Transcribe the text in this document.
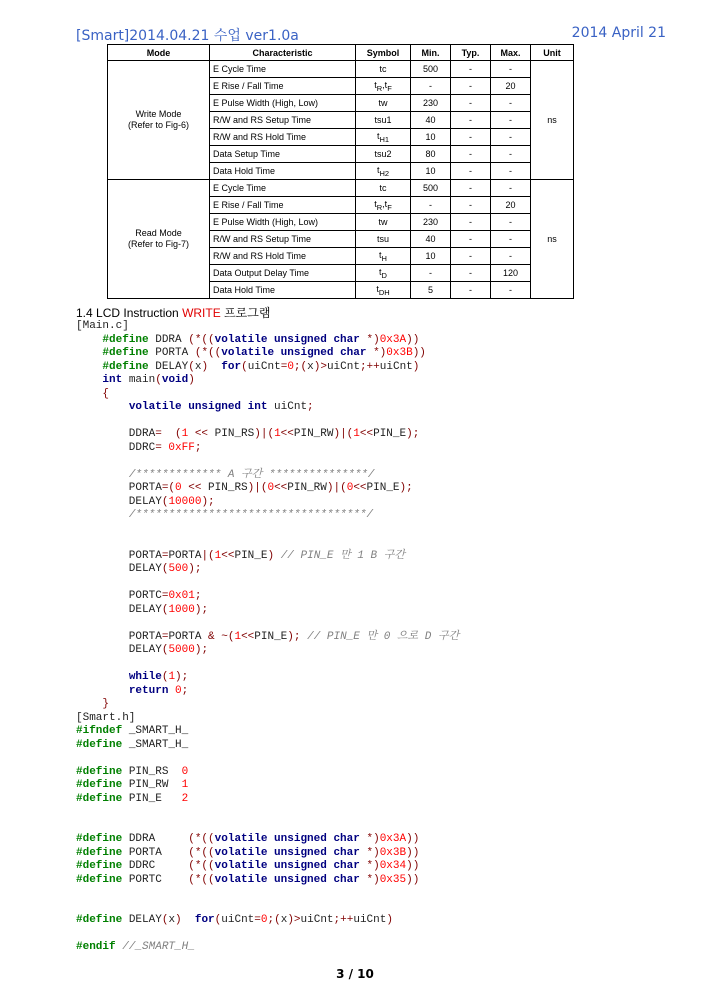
[Smart]2014.04.21 수업 ver1.0a	2014 April 21
Mode	Characteristic	Symbol	Min.	Typ.	Max.	Unit
Write Mode
(Refer to Fig-6)	E Cycle Time	tc	500	-	-	ns
	E Rise / Fall Time	$t_R,t_F$	-	-	20	
	E Pulse Width (High, Low)	tw	230	-	-	
	R/W and RS Setup Time	tsu1	40	-	-	
	R/W and RS Hold Time	$t_{H1}$	10	-	-	
	Data Setup Time	tsu2	80	-	-	
	Data Hold Time	$t_{H2}$	10	-	-	
Read Mode
(Refer to Fig-7)	E Cycle Time	tc	500	-	-	ns
	E Rise / Fall Time	$t_R,t_F$	-	-	20	
	E Pulse Width (High, Low)	tw	230	-	-	
	R/W and RS Setup Time	tsu	40	-	-	
	R/W and RS Hold Time	$t_H$	10	-	-	
	Data Output Delay Time	$t_D$	-	-	120	
	Data Hold Time	$t_{DH}$	5	-	-	
1.4 LCD Instruction WRITE 프로그램
[Main.c]
#define DDRA (*((volatile unsigned char *)0x3A))
#define PORTA (*((volatile unsigned char *)0x3B))
#define DELAY(x) for(uiCnt=0;(x)>uiCnt;++uiCnt)
int main(void)
{
volatile unsigned int uiCnt;
DDRA=  (1 << PIN_RS)|(1<<PIN_RW)|(1<<PIN_E);
DDRC= 0xFF;
/************* A 구간 ***************/
PORTA=(0 << PIN_RS)|(0<<PIN_RW)|(0<<PIN_E);
DELAY(10000);
/***********************************/
PORTA=PORTA|(1<<PIN_E) // PIN_E 만 1 B 구간
DELAY(500);
PORTC=0x01;
DELAY(1000);
PORTA=PORTA & ~(1<<PIN_E); // PIN_E 만 0 으로 D 구간
DELAY(5000);
while(1);
return 0;
}
[Smart.h]
#ifndef _SMART_H_
#define _SMART_H_
#define PIN_RS  0
#define PIN_RW  1
#define PIN_E   2
#define DDRA     (*((volatile unsigned char *)0x3A))
#define PORTA    (*((volatile unsigned char *)0x3B))
#define DDRC     (*((volatile unsigned char *)0x34))
#define PORTC    (*((volatile unsigned char *)0x35))
#define DELAY(x)  for(uiCnt=0;(x)>uiCnt;++uiCnt)
#endif //_SMART_H_
3 / 10
